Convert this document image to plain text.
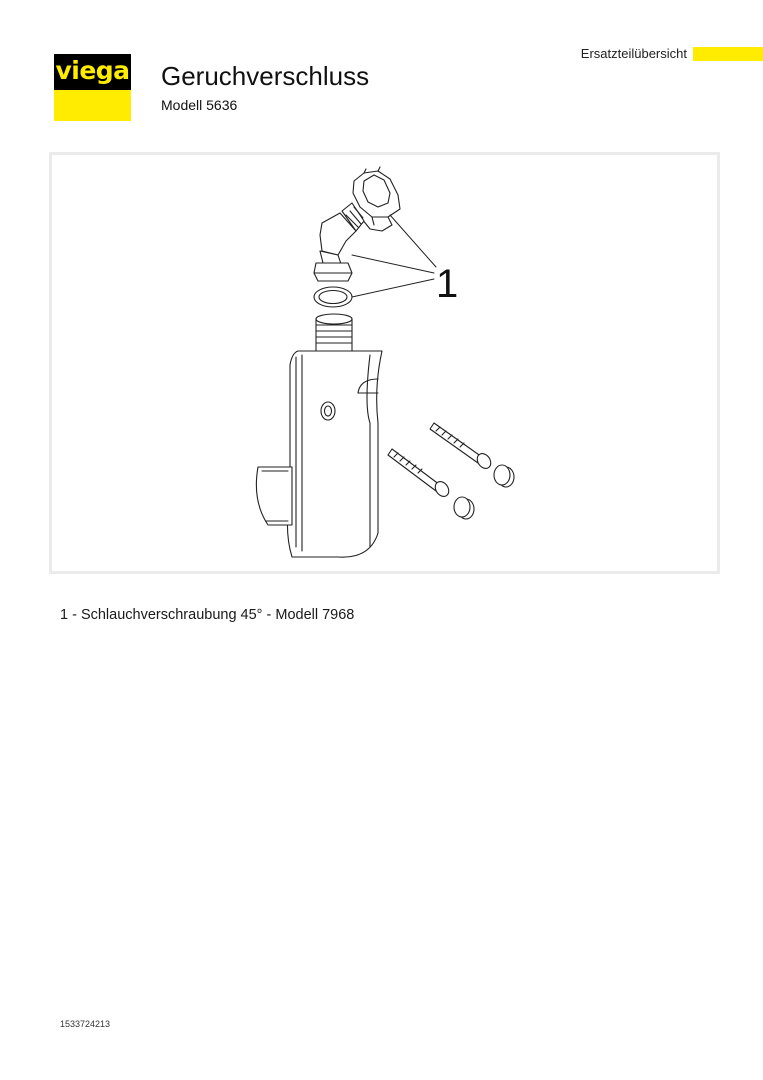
viega Geruchverschluss
Modell 5636
Ersatzteilübersicht
1
1 - Schlauchverschraubung 45° - Modell 7968
1533724213
